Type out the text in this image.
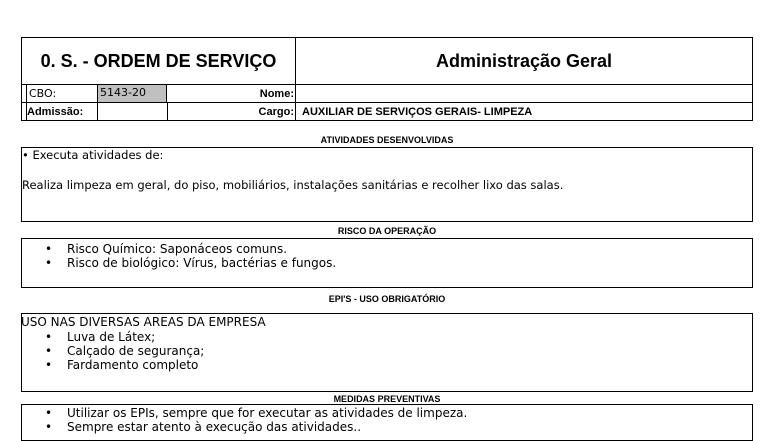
0. S. - ORDEM DE SERVIÇO	Administração Geral
CBO:	5143-20	Nome:
Admissão:	Cargo: AUXILIAR DE SERVIÇOS GERAIS- LIMPEZA
ATIVIDADES DESENVOLVIDAS
• Executa atividades de:
Realiza limpeza em geral, do piso, mobiliários, instalações sanitárias e recolher lixo das salas.
RISCO DA OPERAÇÃO
• Risco Químico: Saponáceos comuns.
• Risco de biológico: Vírus, bactérias e fungos.
EPI'S - USO OBRIGATÓRIO
USO NAS DIVERSAS AREAS DA EMPRESA
• Luva de Látex;
• Calçado de segurança;
• Fardamento completo
MEDIDAS PREVENTIVAS
• Utilizar os EPIs, sempre que for executar as atividades de limpeza.
• Sempre estar atento à execução das atividades..
